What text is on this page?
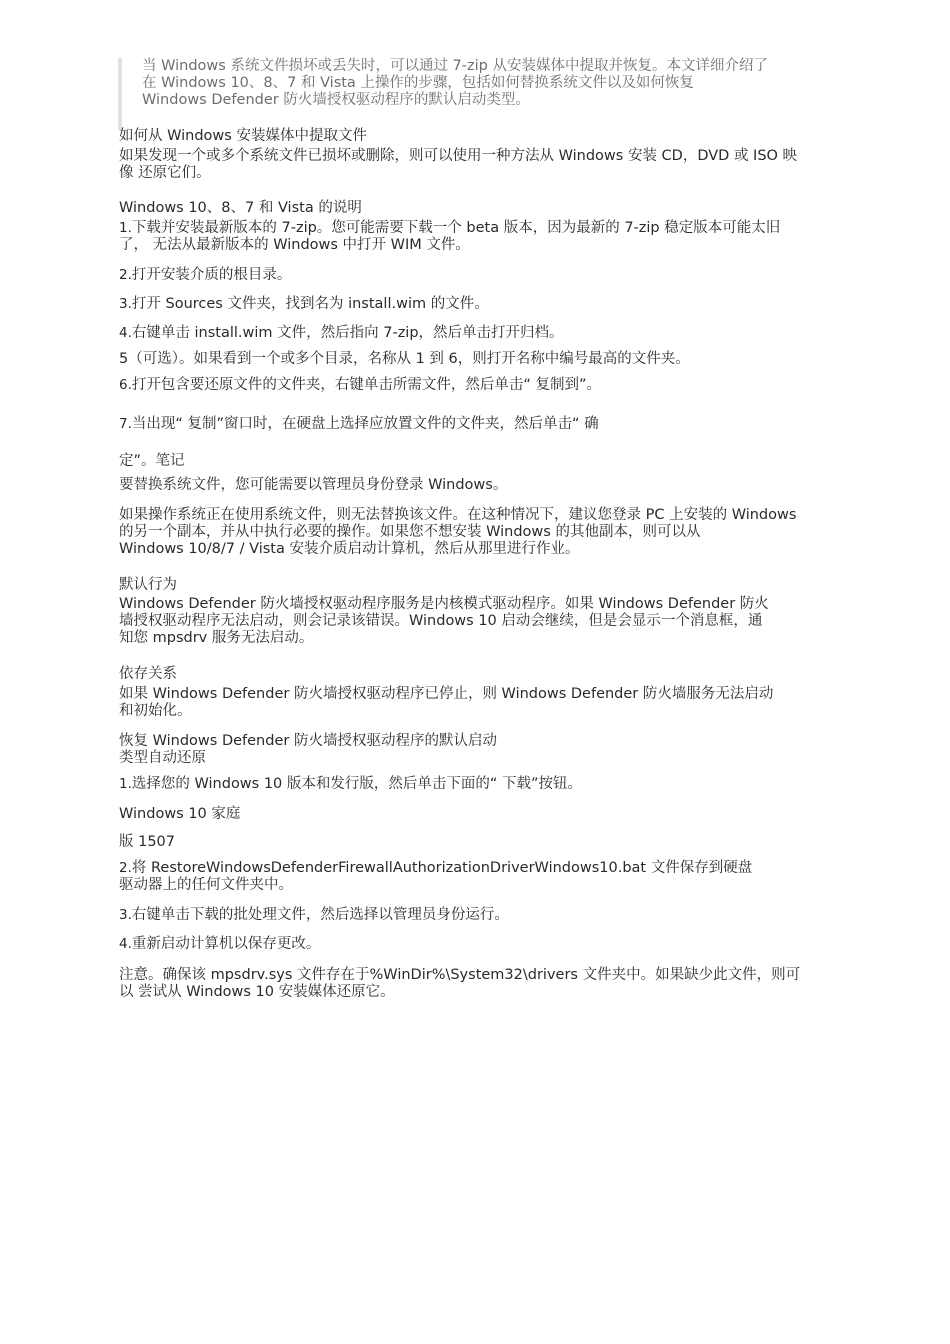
当 Windows 系统文件损坏或丢失时，可以通过 7-zip 从安装媒体中提取并恢复。本文详细介绍了
在 Windows 10、8、7 和 Vista 上操作的步骤，包括如何替换系统文件以及如何恢复
Windows Defender 防火墙授权驱动程序的默认启动类型。
如何从 Windows 安装媒体中提取文件
如果发现一个或多个系统文件已损坏或删除，则可以使用一种方法从 Windows 安装 CD，DVD 或 ISO 映
像 还原它们。
Windows 10、8、7 和 Vista 的说明
1.下载并安装最新版本的 7-zip。您可能需要下载一个 beta 版本，因为最新的 7-zip 稳定版本可能太旧
了， 无法从最新版本的 Windows 中打开 WIM 文件。
2.打开安装介质的根目录。
3.打开 Sources 文件夹，找到名为 install.wim 的文件。
4.右键单击 install.wim 文件，然后指向 7-zip，然后单击打开归档。
5（可选）。如果看到一个或多个目录，名称从 1 到 6，则打开名称中编号最高的文件夹。
6.打开包含要还原文件的文件夹，右键单击所需文件，然后单击“ 复制到”。
7.当出现“ 复制”窗口时，在硬盘上选择应放置文件的文件夹，然后单击“ 确
定”。笔记
要替换系统文件，您可能需要以管理员身份登录 Windows。
如果操作系统正在使用系统文件，则无法替换该文件。在这种情况下，建议您登录 PC 上安装的 Windows
的另一个副本，并从中执行必要的操作。如果您不想安装 Windows 的其他副本，则可以从
Windows 10/8/7 / Vista 安装介质启动计算机，然后从那里进行作业。
默认行为
Windows Defender 防火墙授权驱动程序服务是内核模式驱动程序。如果 Windows Defender 防火
墙授权驱动程序无法启动，则会记录该错误。Windows 10 启动会继续，但是会显示一个消息框，通
知您 mpsdrv 服务无法启动。
依存关系
如果 Windows Defender 防火墙授权驱动程序已停止，则 Windows Defender 防火墙服务无法启动
和初始化。
恢复 Windows Defender 防火墙授权驱动程序的默认启动
类型自动还原
1.选择您的 Windows 10 版本和发行版，然后单击下面的“ 下载”按钮。
Windows 10 家庭
版 1507
2.将 RestoreWindowsDefenderFirewallAuthorizationDriverWindows10.bat 文件保存到硬盘
驱动器上的任何文件夹中。
3.右键单击下载的批处理文件，然后选择以管理员身份运行。
4.重新启动计算机以保存更改。
注意。确保该 mpsdrv.sys 文件存在于%WinDir%\System32\drivers 文件夹中。如果缺少此文件，则可
以 尝试从 Windows 10 安装媒体还原它。
